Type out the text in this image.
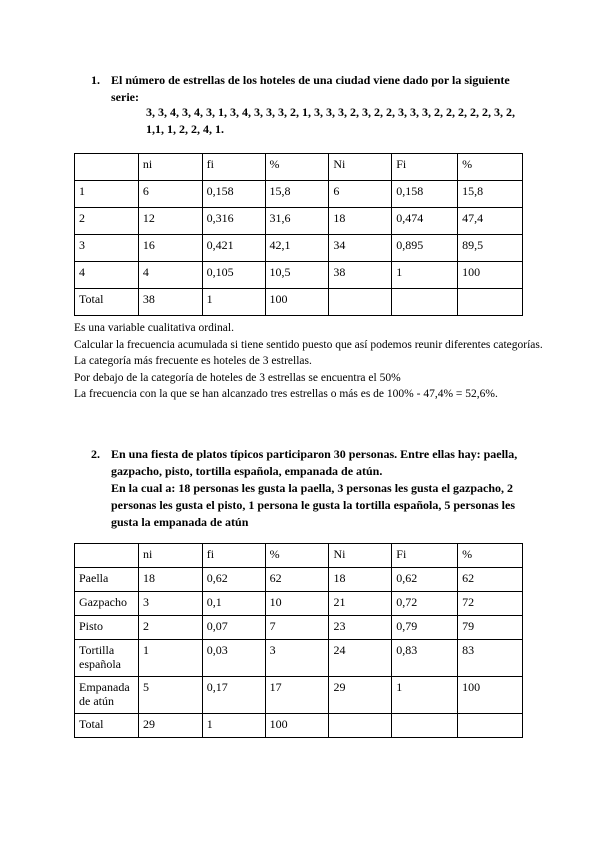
1. El número de estrellas de los hoteles de una ciudad viene dado por la siguiente serie:
3, 3, 4, 3, 4, 3, 1, 3, 4, 3, 3, 3, 2, 1, 3, 3, 3, 2, 3, 2, 2, 3, 3, 3, 2, 2, 2, 2, 2, 3, 2, 1,1, 1, 2, 2, 4, 1.
	ni	fi	%	Ni	Fi	%
1	6	0,158	15,8	6	0,158	15,8
2	12	0,316	31,6	18	0,474	47,4
3	16	0,421	42,1	34	0,895	89,5
4	4	0,105	10,5	38	1	100
Total	38	1	100			
Es una variable cualitativa ordinal.
Calcular la frecuencia acumulada si tiene sentido puesto que así podemos reunir diferentes categorías.
La categoría más frecuente es hoteles de 3 estrellas.
Por debajo de la categoría de hoteles de 3 estrellas se encuentra el 50%
La frecuencia con la que se han alcanzado tres estrellas o más es de 100% - 47,4% = 52,6%.
2. En una fiesta de platos típicos participaron 30 personas. Entre ellas hay: paella, gazpacho, pisto, tortilla española, empanada de atún.
En la cual a: 18 personas les gusta la paella, 3 personas les gusta el gazpacho, 2 personas les gusta el pisto, 1 persona le gusta la tortilla española, 5 personas les gusta la empanada de atún
	ni	fi	%	Ni	Fi	%
Paella	18	0,62	62	18	0,62	62
Gazpacho	3	0,1	10	21	0,72	72
Pisto	2	0,07	7	23	0,79	79
Tortilla española	1	0,03	3	24	0,83	83
Empanada de atún	5	0,17	17	29	1	100
Total	29	1	100			
